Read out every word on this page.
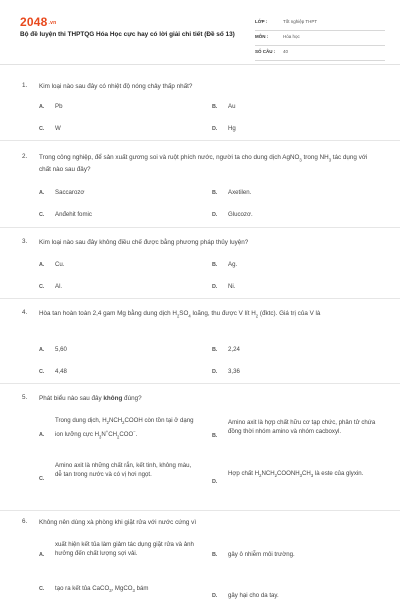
2048.vn
Bộ đề luyện thi THPTQG Hóa Học cực hay có lời giải chi tiết (Đề số 13)
LỚP :	Tốt nghiệp THPT
MÔN :	Hóa học
SỐ CÂU : 40
1. Kim loại nào sau đây có nhiệt độ nóng chảy thấp nhất?
A. Pb	B. Au
C. W	D. Hg
2. Trong công nghiệp, để sản xuất gương soi và ruột phích nước, người ta cho dung dịch AgNO$_3$ trong $NH_3$ tác dụng với chất nào sau đây?
A. Saccarozơ	B. Axetilen.
C. Anđehit fomic	D. Glucozơ.
3. Kim loại nào sau đây không điều chế được bằng phương pháp thủy luyện?
A. Cu.	B. Ag.
C. Al.	D. Ni.
4. Hòa tan hoàn toàn 2,4 gam Mg bằng dung dịch $H_2SO_4$ loãng, thu được V lít $H_2$ (đktc). Giá trị của V là
A. 5,60	B. 2,24
C. 4,48	D. 3,36
5. Phát biểu nào sau đây không đúng?
A.
Trong dung dịch, $H_2NCH_2COOH$ còn tồn tại ở dạng ion lưỡng cực $H_3N^+CH_2COO^-$.	B.
Amino axit là hợp chất hữu cơ tạp chức, phân tử chứa đồng thời nhóm amino và nhóm cacboxyl.
C.
Amino axit là những chất rắn, kết tinh, không màu, dễ tan trong nước và có vị hơi ngọt.
D.
Hợp chất $H_2NCH_2COONH_3CH_3$ là este của glyxin.
6. Không nên dùng xà phòng khi giặt rửa với nước cứng vì
A.
xuất hiện kết tủa làm giảm tác dụng giặt rửa và ảnh hưởng đến chất lượng sợi vải.	B. gây ô nhiễm môi trường.
C. tạo ra kết tủa CaCO$_3$, MgCO$_3$ bám
D. gây hại cho da tay.
